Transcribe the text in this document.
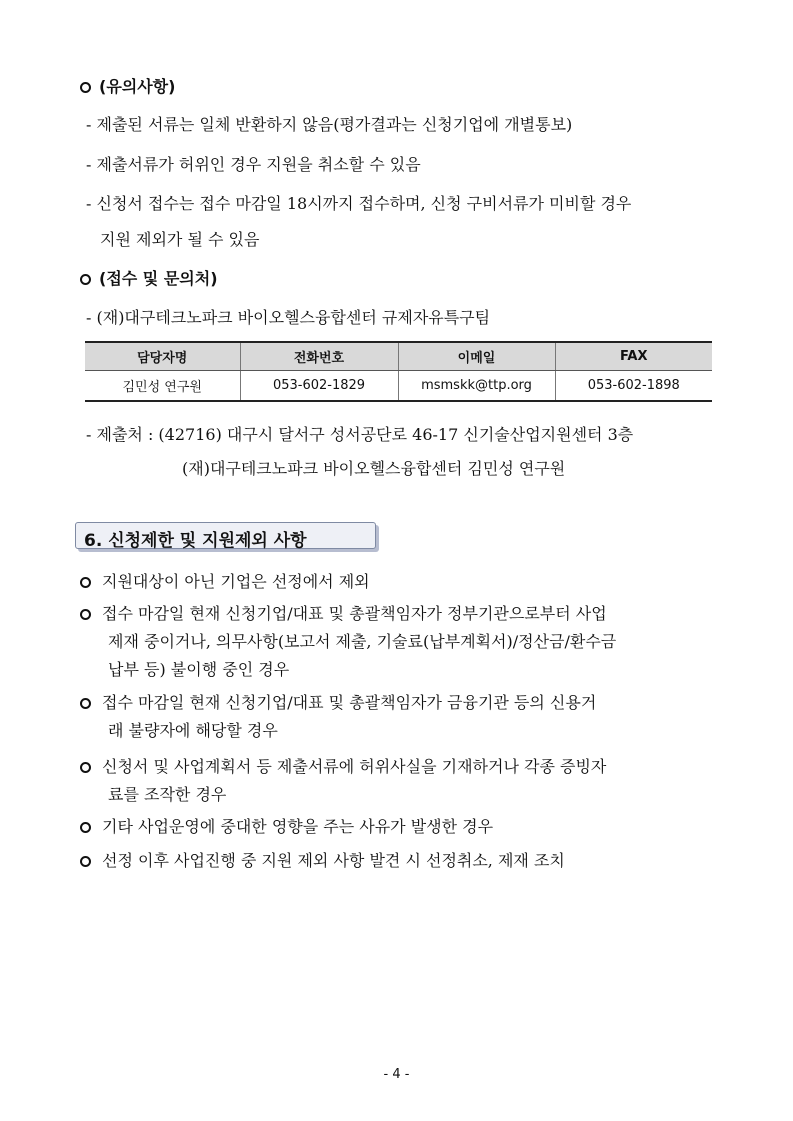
(유의사항)
- 제출된 서류는 일체 반환하지 않음(평가결과는 신청기업에 개별통보)
- 제출서류가 허위인 경우 지원을 취소할 수 있음
- 신청서 접수는 접수 마감일 18시까지 접수하며, 신청 구비서류가 미비할 경우
지원 제외가 될 수 있음
(접수 및 문의처)
- (재)대구테크노파크 바이오헬스융합센터 규제자유특구팀
담당자명	전화번호	이메일	FAX
김민성 연구원	053-602-1829	msmskk@ttp.org	053-602-1898
- 제출처 : (42716) 대구시 달서구 성서공단로 46-17 신기술산업지원센터 3층
(재)대구테크노파크 바이오헬스융합센터 김민성 연구원
6. 신청제한 및 지원제외 사항
지원대상이 아닌 기업은 선정에서 제외
접수 마감일 현재 신청기업/대표 및 총괄책임자가 정부기관으로부터 사업
제재 중이거나, 의무사항(보고서 제출, 기술료(납부계획서)/정산금/환수금
납부 등) 불이행 중인 경우
접수 마감일 현재 신청기업/대표 및 총괄책임자가 금융기관 등의 신용거
래 불량자에 해당할 경우
신청서 및 사업계획서 등 제출서류에 허위사실을 기재하거나 각종 증빙자
료를 조작한 경우
기타 사업운영에 중대한 영향을 주는 사유가 발생한 경우
선정 이후 사업진행 중 지원 제외 사항 발견 시 선정취소, 제재 조치
- 4 -
